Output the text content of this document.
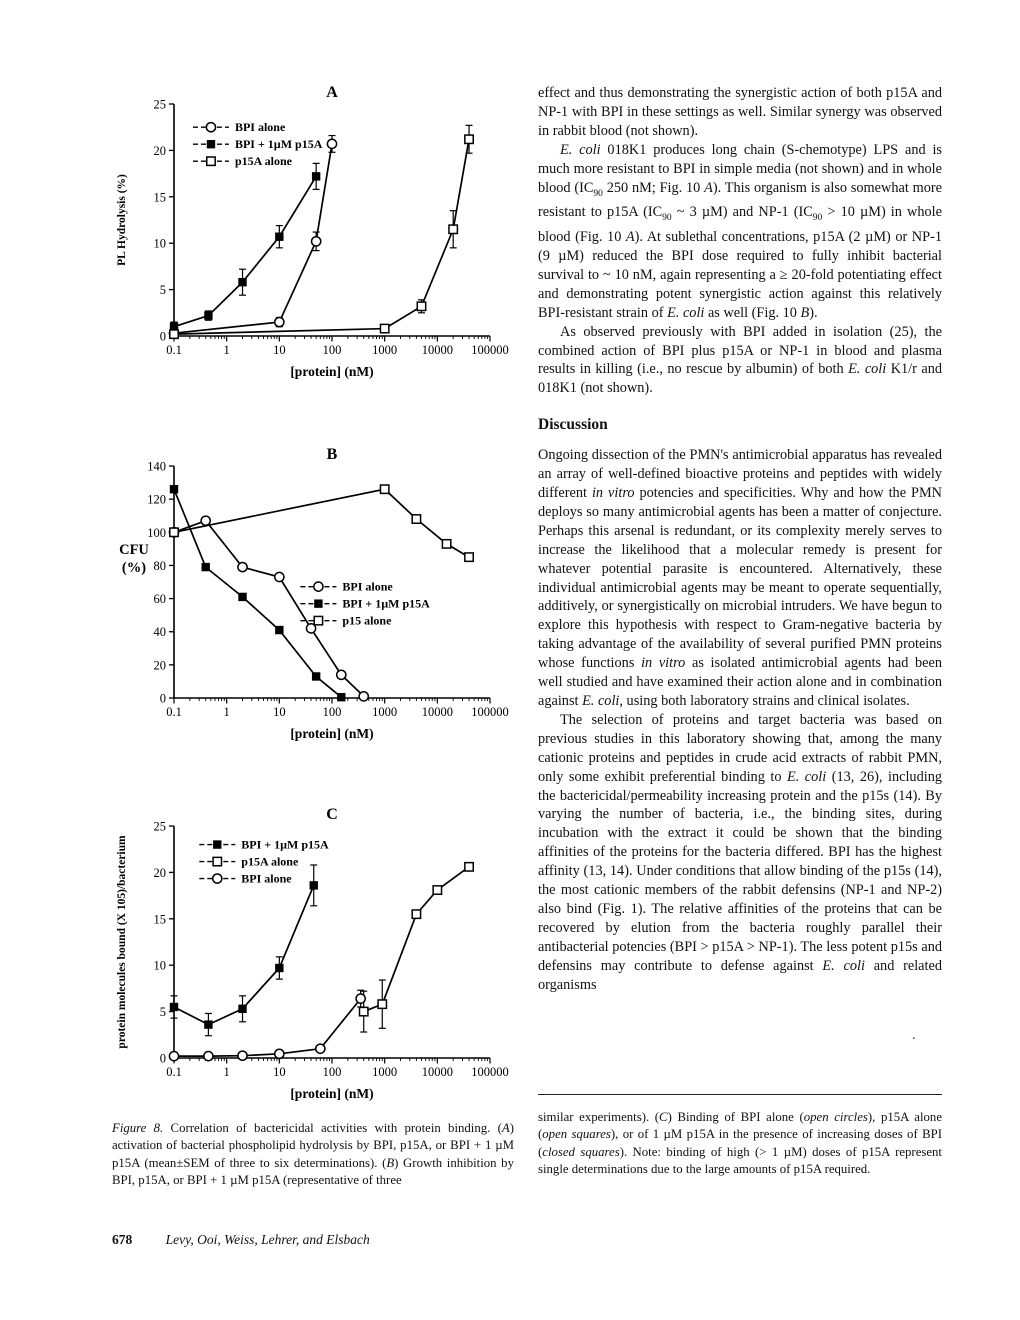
A
0
5
10
15
20
25
0.1	1	10	100 1000 10000 100000
[protein] (nM)
PL Hydrolysis (%)
BPI alone
BPI + 1µM p15A
p15A alone
B
0
20
40
60
80
100
120
140
0.1	1	10	100 1000 10000 100000
[protein] (nM)
CFU
(%)
BPI alone
BPI + 1µM p15A
p15 alone
C
0
5
10
15
20
25
0.1	1	10	100 1000 10000 100000
[protein] (nM)
protein molecules bound (X 105)/bacterium	BPI + 1µM p15A
p15A alone
BPI alone
Figure 8. Correlation of bactericidal activities with protein binding. (A) activation of bacterial phospholipid hydrolysis by BPI, p15A, or BPI + 1 µM p15A (mean±SEM of three to six determinations). (B) Growth inhibition by BPI, p15A, or BPI + 1 µM p15A (representative of three

effect and thus demonstrating the synergistic action of both p15A and NP-1 with BPI in these settings as well. Similar synergy was observed in rabbit blood (not shown).

E. coli 018K1 produces long chain (S-chemotype) LPS and is much more resistant to BPI in simple media (not shown) and in whole blood ($IC_{90}$ 250 nM; Fig. 10 A). This organism is also somewhat more resistant to p15A ($IC_{90}$ ~ 3 µM) and NP-1 ($IC_{90} > 10$ µM) in whole blood (Fig. 10 A). At sublethal concentrations, p15A (2 µM) or NP-1 (9 µM) reduced the BPI dose required to fully inhibit bacterial survival to ~ 10 nM, again representing a ≥ 20-fold potentiating effect and demonstrating potent synergistic action against this relatively BPI-resistant strain of E. coli as well (Fig. 10 B).

As observed previously with BPI added in isolation (25), the combined action of BPI plus p15A or NP-1 in blood and plasma results in killing (i.e., no rescue by albumin) of both E. coli K1/r and 018K1 (not shown).

Discussion

Ongoing dissection of the PMN's antimicrobial apparatus has revealed an array of well-defined bioactive proteins and peptides with widely different in vitro potencies and specificities. Why and how the PMN deploys so many antimicrobial agents has been a matter of conjecture. Perhaps this arsenal is redundant, or its complexity merely serves to increase the likelihood that a molecular remedy is present for whatever potential parasite is encountered. Alternatively, these individual antimicrobial agents may be meant to operate sequentially, additively, or synergistically on microbial intruders. We have begun to explore this hypothesis with respect to Gram-negative bacteria by taking advantage of the availability of several purified PMN proteins whose functions in vitro as isolated antimicrobial agents had been well studied and have examined their action alone and in combination against E. coli, using both laboratory strains and clinical isolates.

The selection of proteins and target bacteria was based on previous studies in this laboratory showing that, among the many cationic proteins and peptides in crude acid extracts of rabbit PMN, only some exhibit preferential binding to E. coli (13, 26), including the bactericidal/permeability increasing protein and the p15s (14). By varying the number of bacteria, i.e., the binding sites, during incubation with the extract it could be shown that the binding affinities of the proteins for the bacteria differed. BPI has the highest affinity (13, 14). Under conditions that allow binding of the p15s (14), the most cationic members of the rabbit defensins (NP-1 and NP-2) also bind (Fig. 1). The relative affinities of the proteins that can be recovered by elution from the bacteria roughly parallel their antibacterial potencies (BPI > p15A > NP-1). The less potent p15s and defensins may contribute to defense against E. coli and related organisms

.
similar experiments). (C) Binding of BPI alone (open circles), p15A alone (open squares), or of 1 µM p15A in the presence of increasing doses of BPI (closed squares). Note: binding of high (> 1 µM) doses of p15A represent single determinations due to the large amounts of p15A required.
678 Levy, Ooi, Weiss, Lehrer, and Elsbach
